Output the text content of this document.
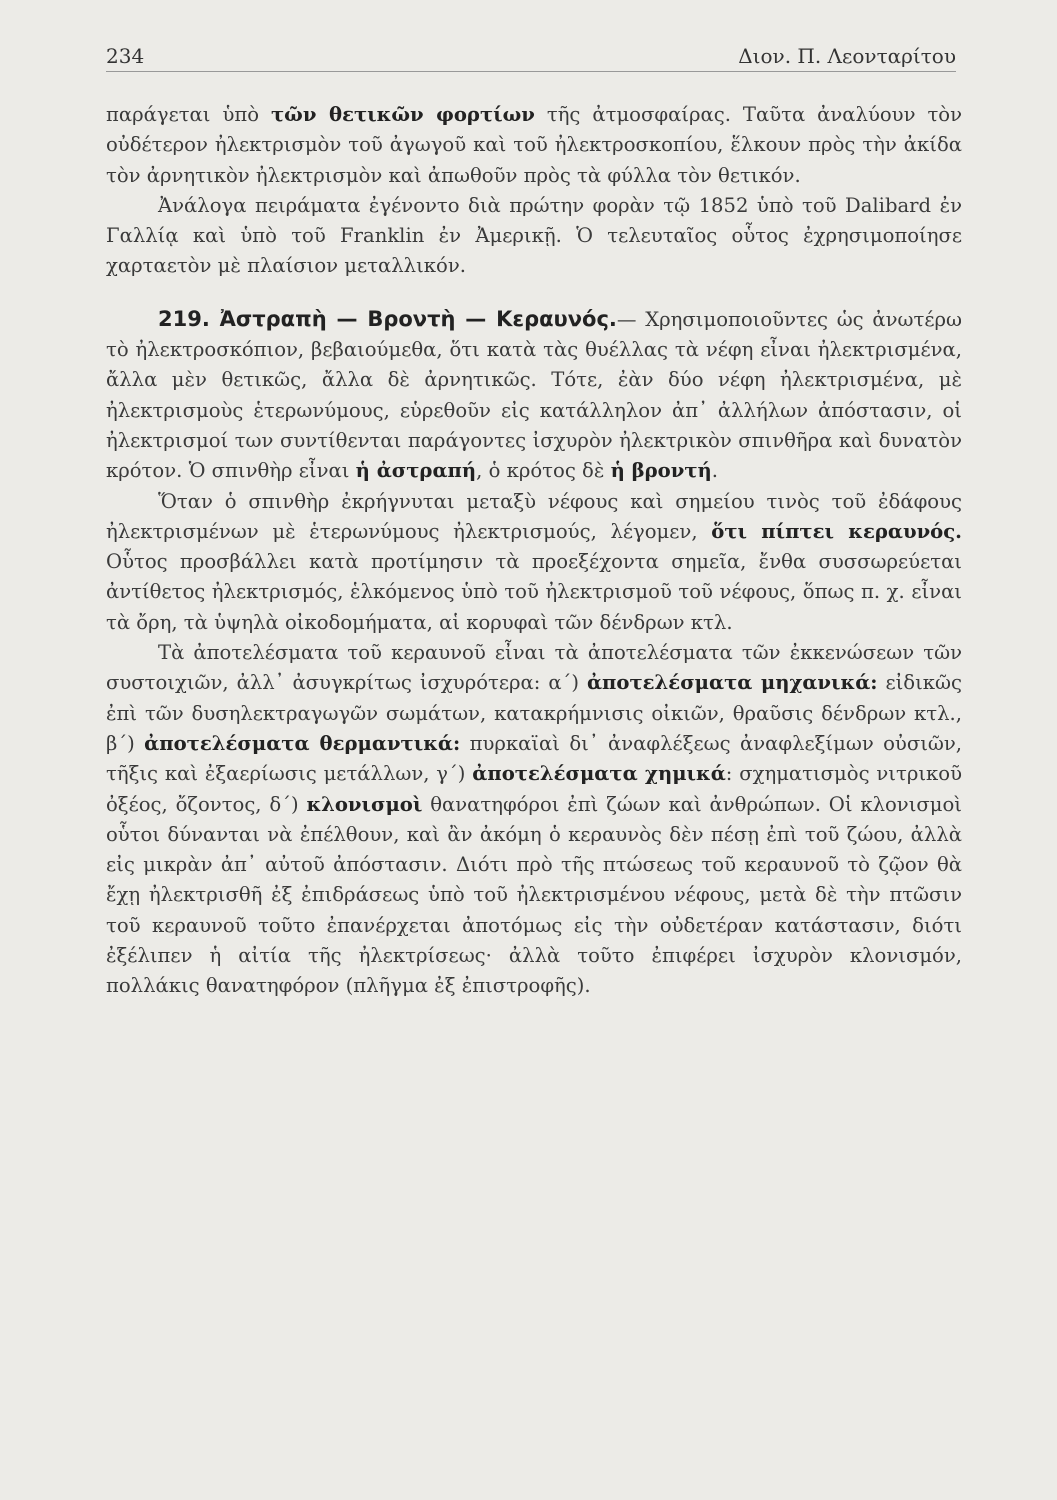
234	Διον. Π. Λεονταρίτου

παράγεται ὑπὸ τῶν θετικῶν φορτίων τῆς ἀτμοσφαίρας. Ταῦτα ἀναλύουν τὸν οὐδέτερον ἠλεκτρισμὸν τοῦ ἀγωγοῦ καὶ τοῦ ἠλεκτροσκοπίου, ἕλκουν πρὸς τὴν ἀκίδα τὸν ἀρνητικὸν ἠλεκτρισμὸν καὶ ἀπωθοῦν πρὸς τὰ φύλλα τὸν θετικόν.

Ἀνάλογα πειράματα ἐγένοντο διὰ πρώτην φορὰν τῷ 1852 ὑπὸ τοῦ Dalibard ἐν Γαλλίᾳ καὶ ὑπὸ τοῦ Franklin ἐν Ἀμερικῇ. Ὁ τελευταῖος οὗτος ἐχρησιμοποίησε χαρταετὸν μὲ πλαίσιον μεταλλικόν.

219. Ἀστραπὴ — Βροντὴ — Κεραυνός.— Χρησιμοποιοῦντες ὡς ἀνωτέρω τὸ ἠλεκτροσκόπιον, βεβαιούμεθα, ὅτι κατὰ τὰς θυέλλας τὰ νέφη εἶναι ἠλεκτρισμένα, ἄλλα μὲν θετικῶς, ἄλλα δὲ ἀρνητικῶς. Τότε, ἐὰν δύο νέφη ἠλεκτρισμένα, μὲ ἠλεκτρισμοὺς ἑτερωνύμους, εὑρεθοῦν εἰς κατάλληλον ἀπ᾽ ἀλλήλων ἀπόστασιν, οἱ ἠλεκτρισμοί των συντίθενται παράγοντες ἰσχυρὸν ἠλεκτρικὸν σπινθῆρα καὶ δυνατὸν κρότον. Ὁ σπινθὴρ εἶναι ἡ ἀστραπή, ὁ κρότος δὲ ἡ βροντή.

Ὅταν ὁ σπινθὴρ ἐκρήγνυται μεταξὺ νέφους καὶ σημείου τινὸς τοῦ ἐδάφους ἠλεκτρισμένων μὲ ἑτερωνύμους ἠλεκτρισμούς, λέγομεν, ὅτι πίπτει κεραυνός. Οὗτος προσβάλλει κατὰ προτίμησιν τὰ προεξέχοντα σημεῖα, ἔνθα συσσωρεύεται ἀντίθετος ἠλεκτρισμός, ἑλκόμενος ὑπὸ τοῦ ἠλεκτρισμοῦ τοῦ νέφους, ὅπως π. χ. εἶναι τὰ ὄρη, τὰ ὑψηλὰ οἰκοδομήματα, αἱ κορυφαὶ τῶν δένδρων κτλ.

Τὰ ἀποτελέσματα τοῦ κεραυνοῦ εἶναι τὰ ἀποτελέσματα τῶν ἐκκενώσεων τῶν συστοιχιῶν, ἀλλ᾽ ἀσυγκρίτως ἰσχυρότερα: α΄) ἀποτελέσματα μηχανικά: εἰδικῶς ἐπὶ τῶν δυσηλεκτραγωγῶν σωμάτων, κατακρήμνισις οἰκιῶν, θραῦσις δένδρων κτλ., β΄) ἀποτελέσματα θερμαντικά: πυρκαϊαὶ δι᾽ ἀναφλέξεως ἀναφλεξίμων οὐσιῶν, τῆξις καὶ ἐξαερίωσις μετάλλων, γ΄) ἀποτελέσματα χημικά: σχηματισμὸς νιτρικοῦ ὀξέος, ὄζοντος, δ΄) κλονισμοὶ θανατηφόροι ἐπὶ ζώων καὶ ἀνθρώπων. Οἱ κλονισμοὶ οὗτοι δύνανται νὰ ἐπέλθουν, καὶ ἂν ἀκόμη ὁ κεραυνὸς δὲν πέσῃ ἐπὶ τοῦ ζώου, ἀλλὰ εἰς μικρὰν ἀπ᾽ αὐτοῦ ἀπόστασιν. Διότι πρὸ τῆς πτώσεως τοῦ κεραυνοῦ τὸ ζῷον θὰ ἔχῃ ἠλεκτρισθῆ ἐξ ἐπιδράσεως ὑπὸ τοῦ ἠλεκτρισμένου νέφους, μετὰ δὲ τὴν πτῶσιν τοῦ κεραυνοῦ τοῦτο ἐπανέρχεται ἀποτόμως εἰς τὴν οὐδετέραν κατάστασιν, διότι ἐξέλιπεν ἡ αἰτία τῆς ἠλεκτρίσεως· ἀλλὰ τοῦτο ἐπιφέρει ἰσχυρὸν κλονισμόν, πολλάκις θανατηφόρον (πλῆγμα ἐξ ἐπιστροφῆς).
